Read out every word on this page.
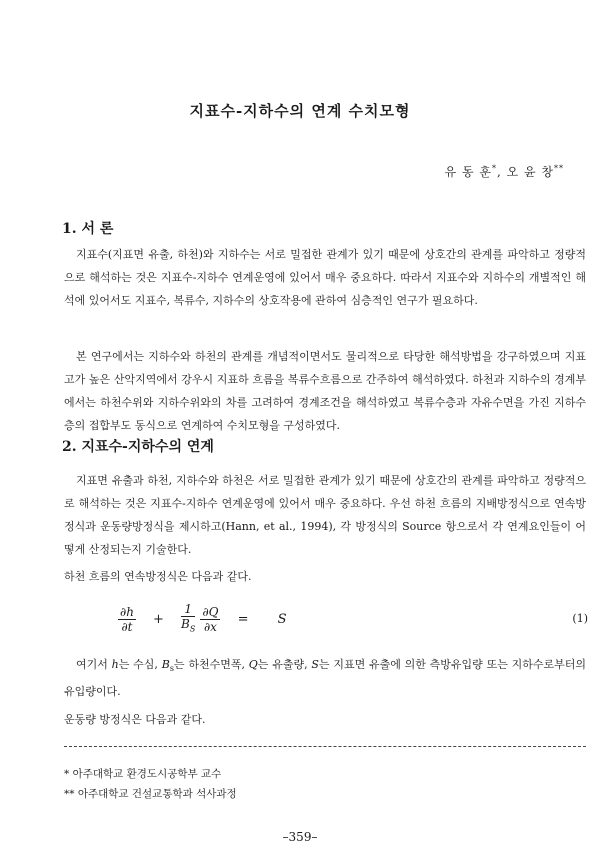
지표수-지하수의 연계 수치모형
유 동 훈*, 오 윤 창**
1. 서 론

지표수(지표면 유출, 하천)와 지하수는 서로 밀접한 관계가 있기 때문에 상호간의 관계를 파악하고 정량적으로 해석하는 것은 지표수-지하수 연계운영에 있어서 매우 중요하다. 따라서 지표수와 지하수의 개별적인 해석에 있어서도 지표수, 복류수, 지하수의 상호작용에 관하여 심층적인 연구가 필요하다.

본 연구에서는 지하수와 하천의 관계를 개념적이면서도 물리적으로 타당한 해석방법을 강구하였으며 지표고가 높은 산악지역에서 강우시 지표하 흐름을 복류수흐름으로 간주하여 해석하였다. 하천과 지하수의 경계부에서는 하천수위와 지하수위와의 차를 고려하여 경계조건을 해석하였고 복류수층과 자유수면을 가진 지하수층의 접합부도 동식으로 연계하여 수치모형을 구성하였다.

2. 지표수-지하수의 연계

지표면 유출과 하천, 지하수와 하천은 서로 밀접한 관계가 있기 때문에 상호간의 관계를 파악하고 정량적으로 해석하는 것은 지표수-지하수 연계운영에 있어서 매우 중요하다. 우선 하천 흐름의 지배방정식으로 연속방정식과 운동량방정식을 제시하고(Hann, et al., 1994), 각 방정식의 Source 항으로서 각 연계요인들이 어떻게 산정되는지 기술한다.

하천 흐름의 연속방정식은 다음과 같다.

$\frac{\partial h}{\partial t} + \frac{1}{B_S}$
$\frac{\partial Q}{\partial x} = S$	(1)

여기서 h는 수심, $B_s$는 하천수면폭, Q는 유출량, S는 지표면 유출에 의한 측방유입량 또는 지하수로부터의 유입량이다.

운동량 방정식은 다음과 같다.

* 아주대학교 환경도시공학부 교수
** 아주대학교 건설교통학과 석사과정
–359–
